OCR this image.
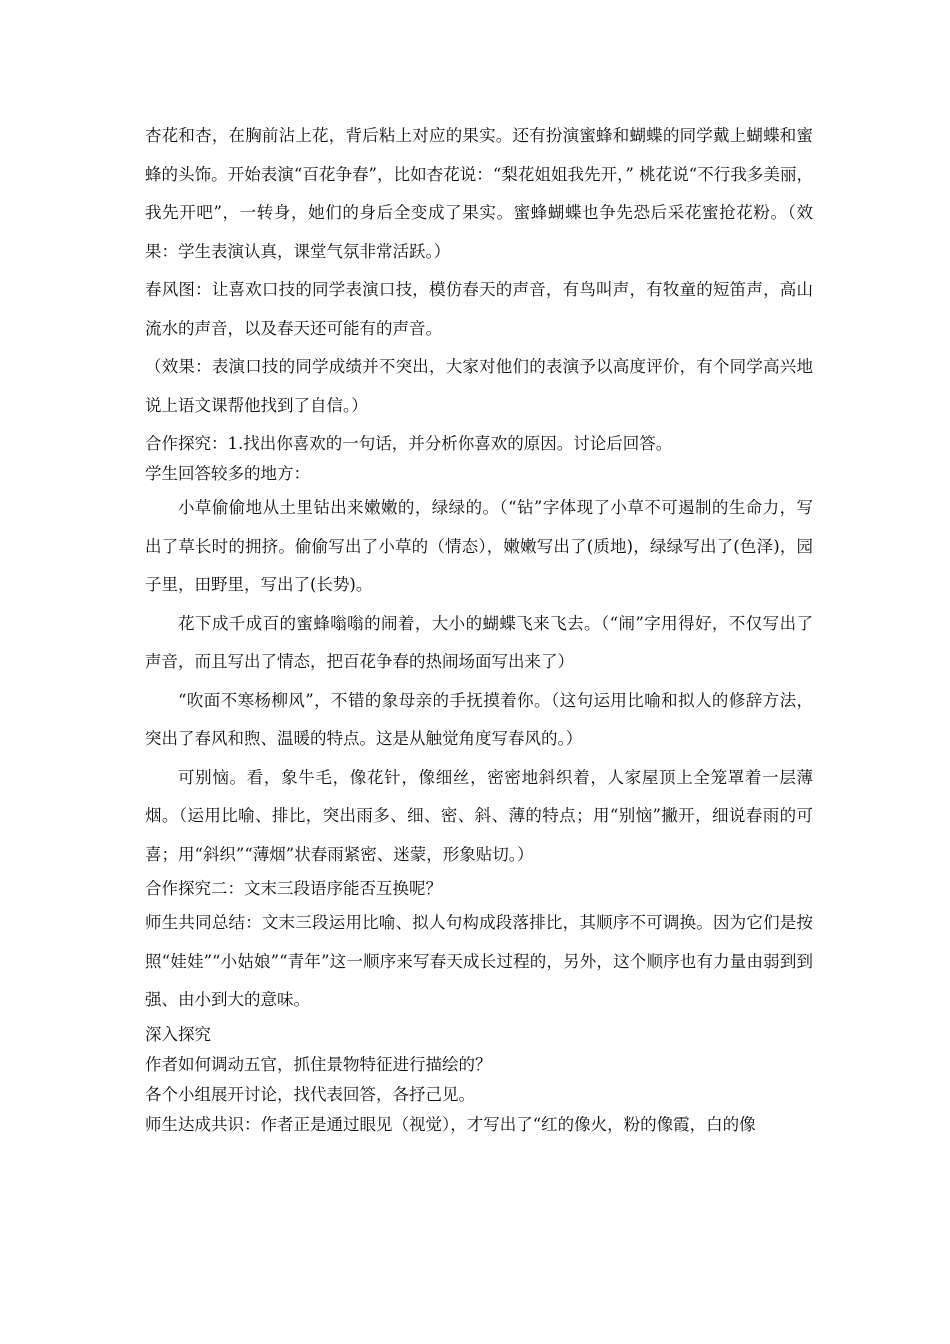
杏花和杏，在胸前沾上花，背后粘上对应的果实。还有扮演蜜蜂和蝴蝶的同学戴上蝴蝶和蜜蜂的头饰。开始表演“百花争春”，比如杏花说：“梨花姐姐我先开，” 桃花说“不行我多美丽，我先开吧”，一转身，她们的身后全变成了果实。蜜蜂蝴蝶也争先恐后采花蜜抢花粉。（效果：学生表演认真，课堂气氛非常活跃。）

春风图：让喜欢口技的同学表演口技，模仿春天的声音，有鸟叫声，有牧童的短笛声，高山流水的声音，以及春天还可能有的声音。

（效果：表演口技的同学成绩并不突出，大家对他们的表演予以高度评价，有个同学高兴地说上语文课帮他找到了自信。）

合作探究：1.找出你喜欢的一句话，并分析你喜欢的原因。讨论后回答。

学生回答较多的地方：

小草偷偷地从土里钻出来嫩嫩的，绿绿的。（“钻”字体现了小草不可遏制的生命力，写出了草长时的拥挤。偷偷写出了小草的（情态），嫩嫩写出了(质地)，绿绿写出了(色泽)，园子里，田野里，写出了(长势)。

花下成千成百的蜜蜂嗡嗡的闹着，大小的蝴蝶飞来飞去。（“闹”字用得好，不仅写出了声音，而且写出了情态，把百花争春的热闹场面写出来了）

“吹面不寒杨柳风”，不错的象母亲的手抚摸着你。（这句运用比喻和拟人的修辞方法，突出了春风和煦、温暖的特点。这是从触觉角度写春风的。）

可别恼。看，象牛毛，像花针，像细丝，密密地斜织着，人家屋顶上全笼罩着一层薄烟。（运用比喻、排比，突出雨多、细、密、斜、薄的特点；用“别恼”撇开，细说春雨的可喜；用“斜织”“薄烟”状春雨紧密、迷蒙，形象贴切。）

合作探究二：文末三段语序能否互换呢？

师生共同总结：文末三段运用比喻、拟人句构成段落排比，其顺序不可调换。因为它们是按照“娃娃”“小姑娘”“青年”这一顺序来写春天成长过程的，另外，这个顺序也有力量由弱到到强、由小到大的意味。

深入探究

作者如何调动五官，抓住景物特征进行描绘的？

各个小组展开讨论，找代表回答，各抒己见。

师生达成共识：作者正是通过眼见（视觉），才写出了“红的像火，粉的像霞，白的像
